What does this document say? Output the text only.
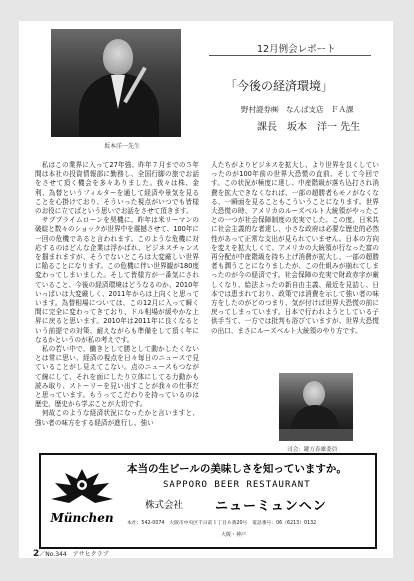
坂本洋一先生
12月例会レポート
「今後の経済環境」
野村證券㈱　なんば支店　ＦＡ課
課長　坂本　洋一 先生
　私はこの業界に入って27年強、昨年７月までの５年間は本社の投資情報部に勤務し、全国行脚の旅でお話をさせて頂く機会を多々ありました。我々は株、金利、為替というフィルターを通して経済や景気を見ることを心掛けており、そういった視点がいつでも皆様のお役に立てばという思いでお話をさせて頂きます。
　サブプライムローンを契機に、昨年は米リーマンの破綻と数々のショックが世界中を震撼させて、100年に一回の危機であると言われます。このような危機に対応するのはどんな企業は浮かばれ、ビジネスチャンスを掴まれますが、そうでないところは大変厳しい世界に陥ることになります。この危機に伴い世界観が180度変わってしまいました。そして皆様方が一番気にされていること、今後の経済環境はどうなるのか、2010年いっぱいは大変厳しく、2011年からは上向くと思っています。為替相場については、この12月に入って瞬く間に完全に変わってきており、ドル相場が緩やかな上昇に戻ると思います。2010年は2011年に良くなるという前提での対策、耐えながらも準備をして頂く年になるかというのが私の考えです。
　私の若い中で、働きとして勝として動かしたくないとは常に思い、経済の視点を日々毎日のニュースで見ていることがし見えてこない。点のニュースもつながて線にして、それを面にしたり立体にしてる力動かも読み取り、ストーリーを見い出すことが我々の仕事だと思っています。もうってこだわりを持っているのは歴史、歴史から学ぶことが大切です。
　何故このような経済状況になったかと言いますと、強い者の味方をする経済が進行し、強い
人たちがよりビジネスを拡大し、より世界を良くしていったのが100年前の世界大恐慌の直前、そして今回です。この状況が極度に達し、中産階級が落ち込打され消費を拡大できなくなれば、一部の超勝者もモノがなくなる、一瞬面を見ることもこういうことになります。世界大恐慌の時、アメリカのルーズベルト大統領がやったことの一つが社会保障制度の充実でした。この度、日米共に社会主義的な者達し、小さな政府は必要な歴史的必然性があって正常な支出が見られていません。日本の方向を変えを拡大しくて、アメリカの大統領が行なった富の再分配が中産階級を持ち上げ消費が拡大し、一部の超勝者も潤うことになりましたが、この仕組みが崩れてしまったのが今の経済です。社会保障の充実で財政赤字が厳しくなり、給法よったの新自由主義、最近を見詰し、日本では恵まれており、政策では消費を示して強い者の味方をしたのがどのつまり、気が付けば世界大恐慌の前に戻ってしまっています。日本で行われようとしている子供手当て、一方では批判も浴びていますが、世界大恐慌の出口、まさにルーズベルト大統領のやり方です。
司会：鍵方春雄委員
München
本当の生ビールの美味しさを知っていますか。
SAPPORO BEER RESTAURANT
株式会社 ニューミュンヘン
本社：542-0074　大阪市中央区千日前１丁目６番20号　電話番号：06（6213）0132
大阪・神戸
2／No.344　アサヒクラブ
